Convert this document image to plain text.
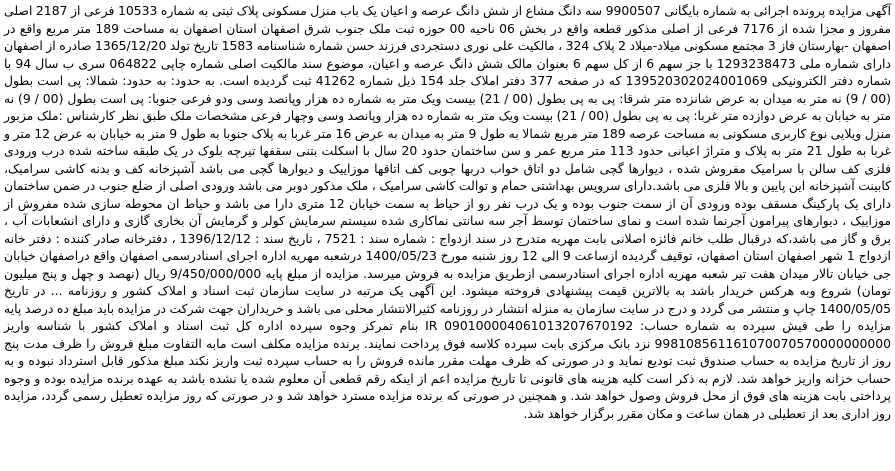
آگهی مزایده پرونده اجرائی به شماره بایگانی 9900507 سه دانگ مشاع از شش دانگ عرصه و اعیان یک باب منزل مسکونی پلاک ثبتی به شماره 10533 فرعی از 2187 اصلی مفروز و مجزا شده از 7176 فرعی از اصلی مذکور قطعه واقع در بخش 06 ناحیه 00 حوزه ثبت ملک جنوب شرق اصفهان استان اصفهان به مساحت 189 متر مربع واقع در اصفهان -بهارستان فاز 3 مجتمع مسکونی میلاد-میلاد 2 پلاک 324 ، مالکیت علی نوری دستجردی فرزند حسن شماره شناسنامه 1583 تاریخ تولد 1365/12/20 صادره از اصفهان دارای شماره ملی 1293238473 با جز سهم 6 از کل سهم 6 بعنوان مالک شش دانگ عرصه و اعیان، موضوع سند مالکیت اصلی شماره چاپی 064822 سری ب سال 94 با شماره دفتر الکترونیکی 139520302024001069 که در صفحه 377 دفتر املاک جلد 154 ذیل شماره 41262 ثبت گردیده است. به حدود: به حدود: شمالا: پی است بطول (00 / 9) نه متر به میدان به عرض شانزده متر شرقا: پی به پی بطول (00 / 21) بیست ویک متر به شماره ده هزار وپانصد وسی ودو فرعی جنوبا: پی است بطول (00 / 9) نه متر به خیابان به عرض دوازده متر غربا: پی به پی بطول (00 / 21) بیست ویک متر به شماره ده هزار وپانصد وسی وچهار فرعی مشخصات ملک طبق نظر کارشناس :ملک مزبور منزل ویلایی نوع کاربری مسکونی به مساحت عرصه 189 متر مربع شمالا به طول 9 متر به میدان به عرض 16 متر غربا به پلاک جنوبا به طول 9 متر به خیابان به عرض 12 متر و غربا به طول 21 متر به پلاک و متراژ اعیانی حدود 113 متر مربع عمر و سن ساختمان حدود 20 سال با اسکلت بتنی سقفها تیرچه بلوک در یک طبقه ساخته شده درب ورودی فلزی کف سالن با سرامیک مفروش شده ، دیوارها گچی شامل دو اتاق خواب دربها چوبی کف اتاقها موزاییک و دیوارها گچی می باشد آشپزخانه کف و بدنه کاشی سرامیک، کابینت آشپزخانه این پایین و بالا فلزی می باشد.دارای سرویس بهداشتی حمام و توالت کاشی سرامیک ، ملک مذکور دوبر می باشد ورودی اصلی از ضلع جنوب در ضمن ساختمان دارای یک پارکینگ مسقف بوده ورودی آن از سمت جنوب بوده و یک درب نفر رو از حیاط به سمت خیابان 12 متری دارا می باشد و حیاط ان محوطه سازی شده مفروش از موزاییک ، دیوارهای پیرامون آجرنما شده است و نمای ساختمان توسط آجر سه سانتی نماکاری شده سیستم سرمایش کولر و گرمایش آن بخاری گازی و دارای انشعابات آب ، برق و گاز می باشد،که درقبال طلب خانم فائزه اصلانی بابت مهریه متدرج در سند ازدواج : شماره سند : 7521 ، تاریخ سند : 1396/12/12 ، دفترخانه صادر کننده : دفتر خانه ازدواج 1 شهر اصفهان استان اصفهان، توقیف گردیده ازساعت 9 الی 12 روز شنبه مورخ 1400/05/23 درشعبه مهریه اداره اجرای اسنادرسمی اصفهان واقع دراصفهان خیابان جی خیابان تالار میدان هفت تیر شعبه مهریه اداره اجرای اسنادرسمی ازطریق مزایده به فروش میرسد. مزایده از مبلغ پایه 9/450/000/000 ریال (نهصد و چهل و پنج میلیون تومان) شروع وبه هرکس خریدار باشد به بالاترین قیمت پیشنهادی فروخته میشود. این آگهی یک مرتبه در سایت سازمان ثبت اسناد و املاک کشور و روزنامه ... در تاریخ 1400/05/05 چاپ و منتشر می گردد و درج در سایت سازمان به منزله انتشار در روزنامه کثیرالانتشار محلی می باشد و خریداران جهت شرکت در مزایده باید مبلغ ده درصد پایه مزایده را طی فیش سپرده به شماره حساب: IR 090100004061013207670192 بنام تمرکز وجوه سپرده اداره کل ثبت اسناد و املاک کشور با شناسه واریز 998108561161070070570000000000 نزد بانک مرکزی بابت سپرده کلاسه فوق پرداخت نمایند. برنده مزایده مکلف است مابه التفاوت مبلغ فروش را ظرف مدت پنج روز از تاریخ مزایده به حساب صندوق ثبت تودیع نماید و در صورتی که ظرف مهلت مقرر مانده فروش را به حساب سپرده ثبت واریز نکند مبلغ مذکور قابل استرداد نبوده و به حساب خزانه واریز خواهد شد. لازم به ذکر است کلیه هزینه های قانونی تا تاریخ مزایده اعم از اینکه رقم قطعی آن معلوم شده یا نشده باشد به عهده برنده مزایده بوده و وجوه پرداختی بابت هزینه های فوق از محل فروش وصول خواهد شد. و همچنین در صورتی که برنده مزایده مسترد خواهد شد و در صورتی که روز مزایده تعطیل رسمی گردد، مزایده روز اداری بعد از تعطیلی در همان ساعت و مکان مقرر برگزار خواهد شد.
